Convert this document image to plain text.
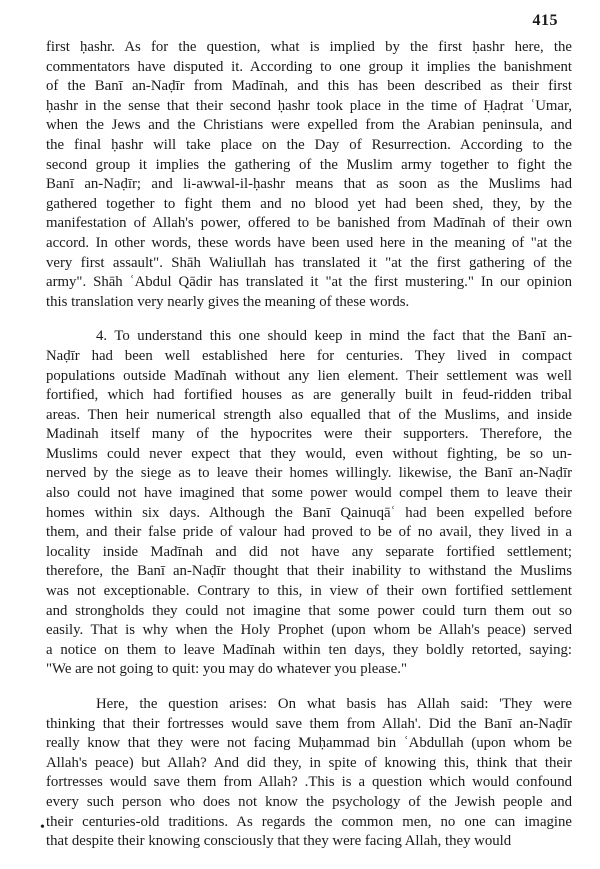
415

first ḥashr. As for the question, what is implied by the first ḥashr here, the
commentators have disputed it. According to one group it implies the banishment
of the Banī an-Naḍīr from Madīnah, and this has been described as their first
ḥashr in the sense that their second ḥashr took place in the time of Ḥaḍrat ʿUmar,
when the Jews and the Christians were expelled from the Arabian peninsula, and
the final ḥashr will take place on the Day of Resurrection. According to the
second group it implies the gathering of the Muslim army together to fight the
Banī an-Naḍīr; and li-awwal-il-ḥashr means that as soon as the Muslims had
gathered together to fight them and no blood yet had been shed, they, by the
manifestation of Allah's power, offered to be banished from Madīnah of their own
accord. In other words, these words have been used here in the meaning of "at the
very first assault". Shāh Waliullah has translated it "at the first gathering of the
army". Shāh ʿAbdul Qādir has translated it "at the first mustering." In our opinion
this translation very nearly gives the meaning of these words.

4. To understand this one should keep in mind the fact that the Banī an-
Naḍīr had been well established here for centuries. They lived in compact
populations outside Madīnah without any lien element. Their settlement was well
fortified, which had fortified houses as are generally built in feud-ridden tribal
areas. Then heir numerical strength also equalled that of the Muslims, and inside
Madinah itself many of the hypocrites were their supporters. Therefore, the
Muslims could never expect that they would, even without fighting, be so un-
nerved by the siege as to leave their homes willingly. likewise, the Banī an-Naḍīr
also could not have imagined that some power would compel them to leave their
homes within six days. Although the Banī Qainuqāʿ had been expelled before
them, and their false pride of valour had proved to be of no avail, they lived in a
locality inside Madīnah and did not have any separate fortified settlement;
therefore, the Banī an-Naḍīr thought that their inability to withstand the Muslims
was not exceptionable. Contrary to this, in view of their own fortified settlement
and strongholds they could not imagine that some power could turn them out so
easily. That is why when the Holy Prophet (upon whom be Allah's peace) served
a notice on them to leave Madīnah within ten days, they boldly retorted, saying:
"We are not going to quit: you may do whatever you please."

Here, the question arises: On what basis has Allah said: 'They were
thinking that their fortresses would save them from Allah'. Did the Banī an-Naḍīr
really know that they were not facing Muḥammad bin ʿAbdullah (upon whom be
Allah's peace) but Allah? And did they, in spite of knowing this, think that their
fortresses would save them from Allah? .This is a question which would confound
every such person who does not know the psychology of the Jewish people and
their centuries-old traditions. As regards the common men, no one can imagine
that despite their knowing consciously that they were facing Allah, they would

•
